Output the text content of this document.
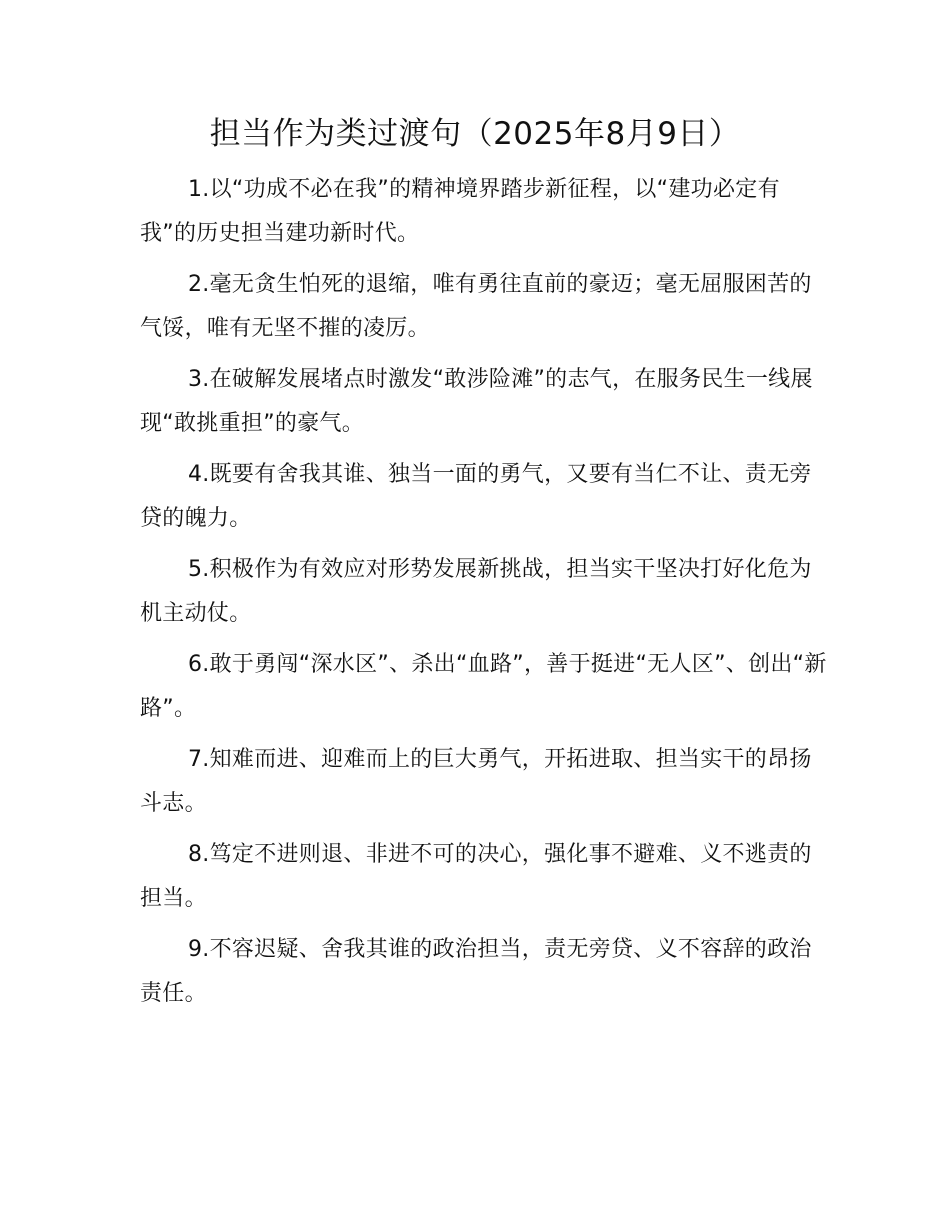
担当作为类过渡句（2025年8月9日）

1.以“功成不必在我”的精神境界踏步新征程，以“建功必定有我”的历史担当建功新时代。

2.毫无贪生怕死的退缩，唯有勇往直前的豪迈；毫无屈服困苦的气馁，唯有无坚不摧的凌厉。

3.在破解发展堵点时激发“敢涉险滩”的志气，在服务民生一线展现“敢挑重担”的豪气。

4.既要有舍我其谁、独当一面的勇气，又要有当仁不让、责无旁贷的魄力。

5.积极作为有效应对形势发展新挑战，担当实干坚决打好化危为机主动仗。

6.敢于勇闯“深水区”、杀出“血路”，善于挺进“无人区”、创出“新路”。

7.知难而进、迎难而上的巨大勇气，开拓进取、担当实干的昂扬斗志。

8.笃定不进则退、非进不可的决心，强化事不避难、义不逃责的担当。

9.不容迟疑、舍我其谁的政治担当，责无旁贷、义不容辞的政治责任。
